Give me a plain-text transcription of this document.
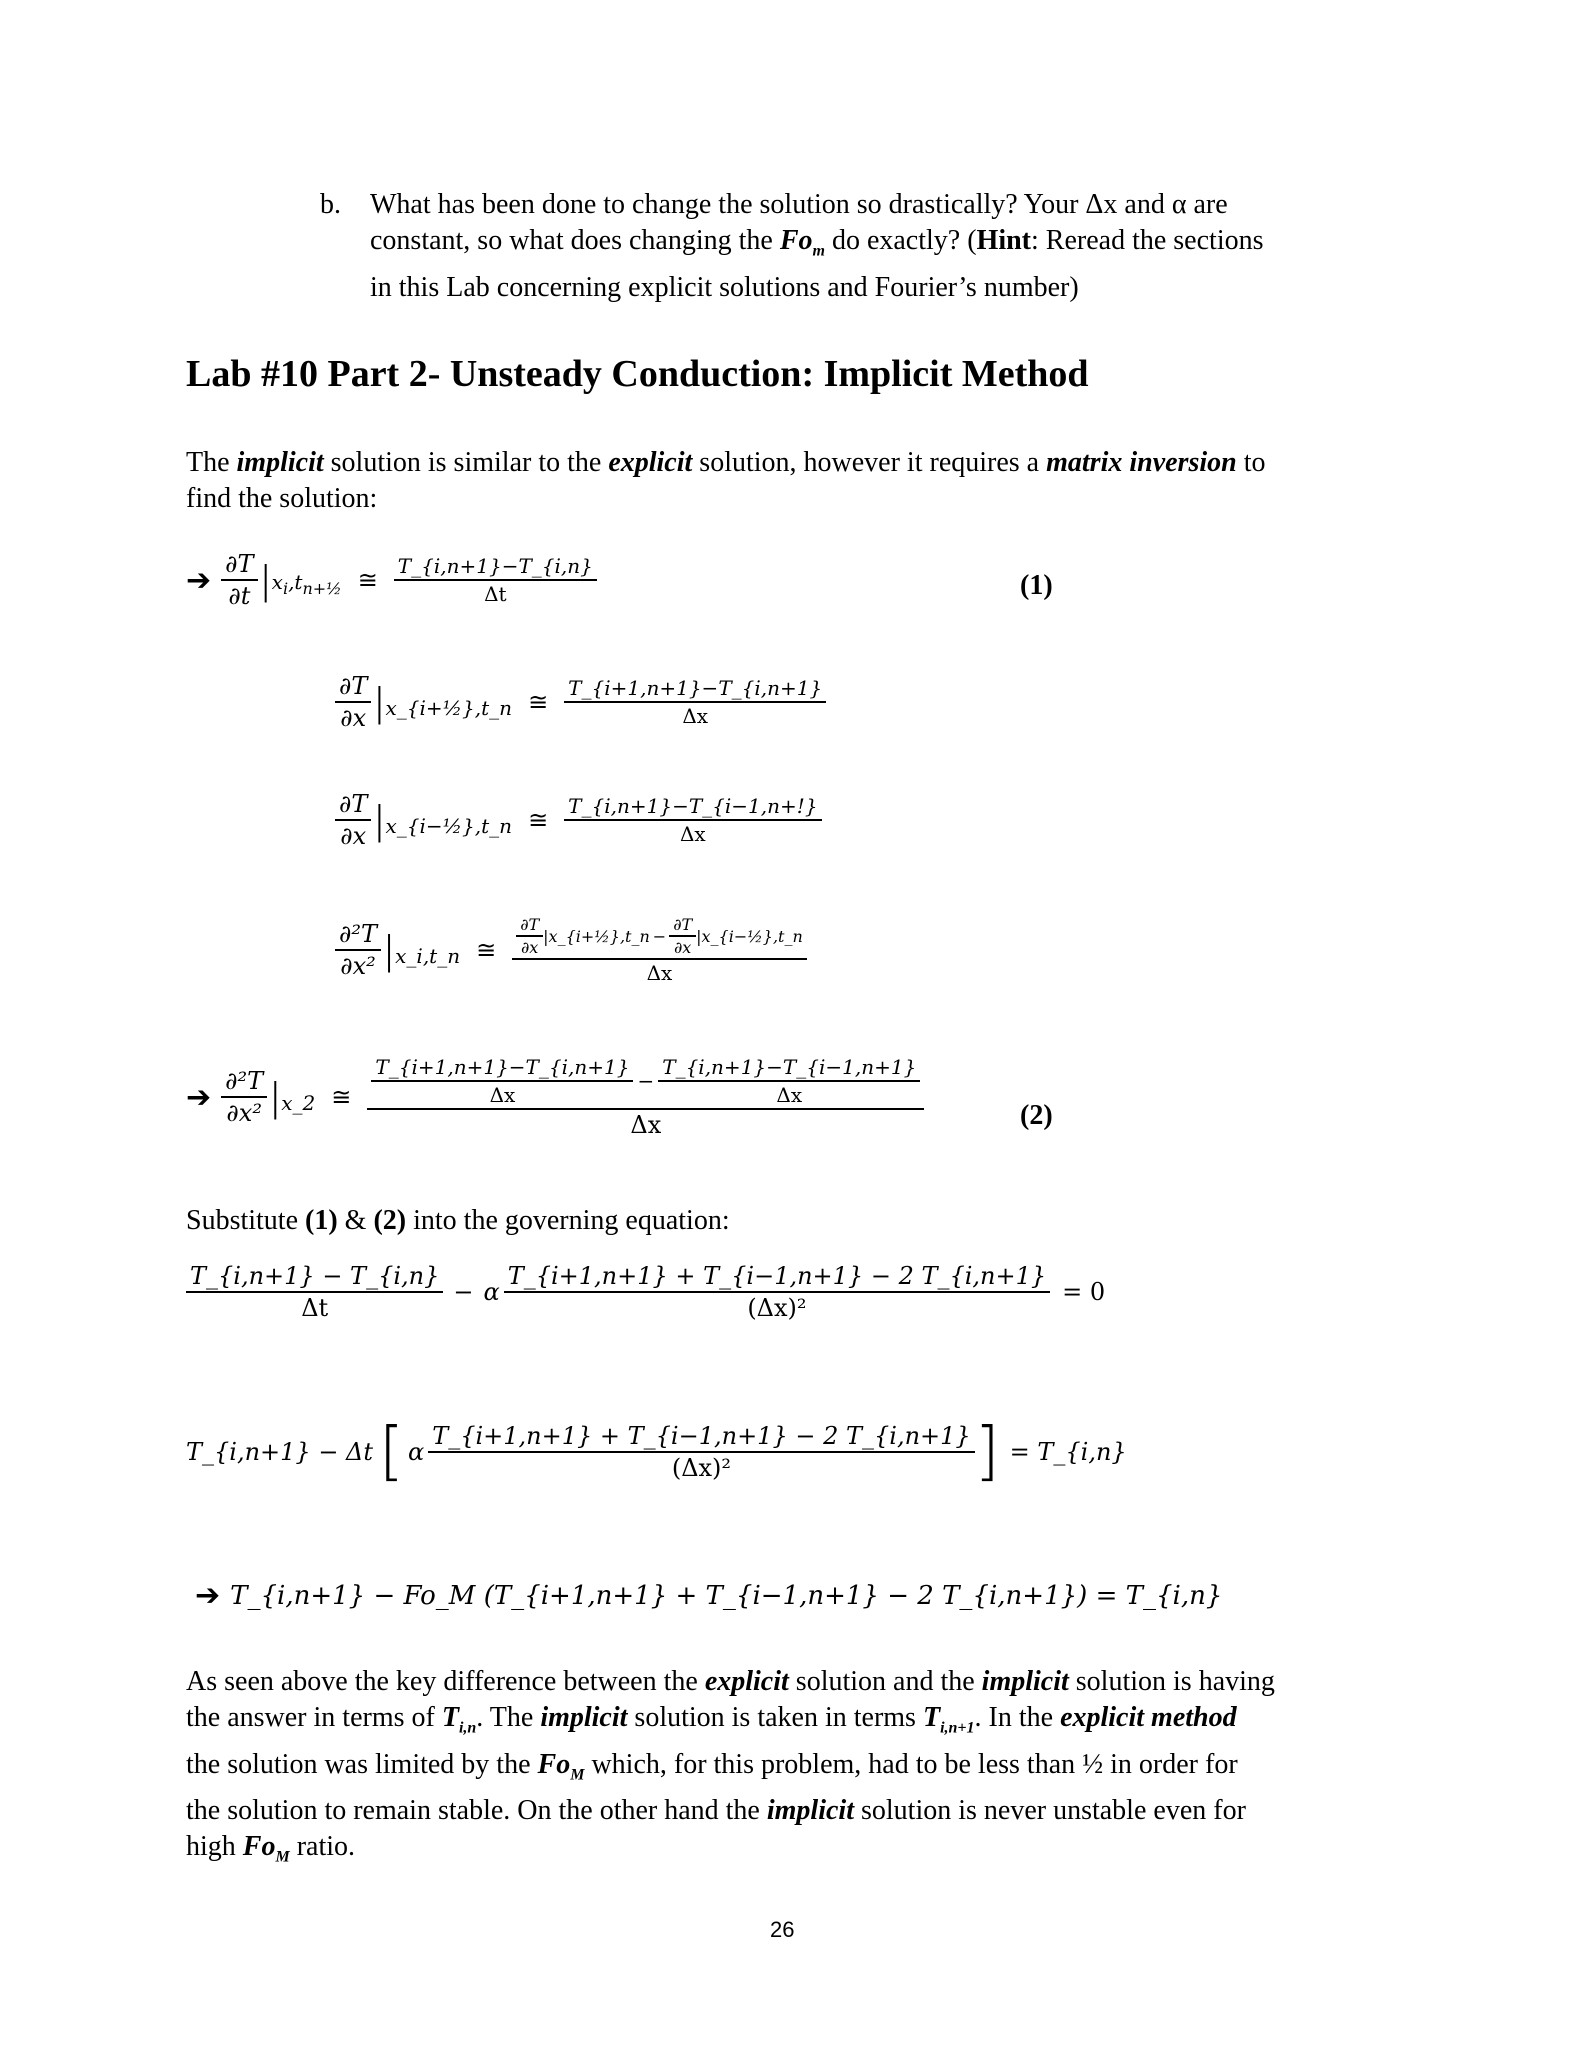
b. What has been done to change the solution so drastically? Your Δx and α are
constant, so what does changing the $Fo_m$ do exactly? (Hint: Reread the sections
in this Lab concerning explicit solutions and Fourier’s number)
Lab #10 Part 2- Unsteady Conduction: Implicit Method
The implicit solution is similar to the explicit solution, however it requires a matrix inversion to
find the solution:
➔ $\frac{\partial T}{\partial t}$ | $x_i,t_{n+\frac{1}{2}}$ ≅ $\frac{T\_\{i,n+1\}-T\_\{i,n\}}{\Delta t}$	(1)
$\frac{\partial T}{\partial x}$ | x_{i+½},t_n ≅ $\frac{T\_\{i+1,n+1\}-T\_\{i,n+1\}}{\Delta x}$
$\frac{\partial T}{\partial x}$ | x_{i−½},t_n ≅ $\frac{T\_\{i,n+1\}-T\_\{i-1,n+!\}}{\Delta x}$
$\frac{\text{∂²T}}{\text{∂x²}}$ | x_i,t_n ≅ $\frac{\partial T}{\partial x}$ | x_{i+½},t_n − $\frac{\partial T}{\partial x}$ | x_{i−½},t_n
Δx
➔ $\frac{\text{∂²T}}{\text{∂x²}}$ | x_2 ≅ $\frac{T\_\{i+1,n+1\}-T\_\{i,n+1\}}{\Delta x} - \frac{T\_\{i,n+1\}-T\_\{i-1,n+1\}}{\Delta x}$
Δx	(2)
Substitute (1) & (2) into the governing equation:
$\frac{T\_\{i,n+1\} - T\_\{i,n\}}{\Delta t} - \alpha \frac{T\_\{i+1,n+1\} + T\_\{i-1,n+1\} - 2 T\_\{i,n+1\}}{\text{(Δx)²}} = 0$
T_{i,n+1} − Δt [ α $\frac{T\_\{i+1,n+1\} + T\_\{i-1,n+1\} - 2 T\_\{i,n+1\}}{\text{(Δx)²}}$ ] = T_{i,n}
➔ T_{i,n+1} − Fo_M (T_{i+1,n+1} + T_{i−1,n+1} − 2 T_{i,n+1}) = T_{i,n}
As seen above the key difference between the explicit solution and the implicit solution is having
the answer in terms of $T_{i,n}$. The implicit solution is taken in terms $T_{i,n+1}$. In the explicit method
the solution was limited by the $Fo_M$ which, for this problem, had to be less than ½ in order for
the solution to remain stable. On the other hand the implicit solution is never unstable even for
high $Fo_M$ ratio.
26
